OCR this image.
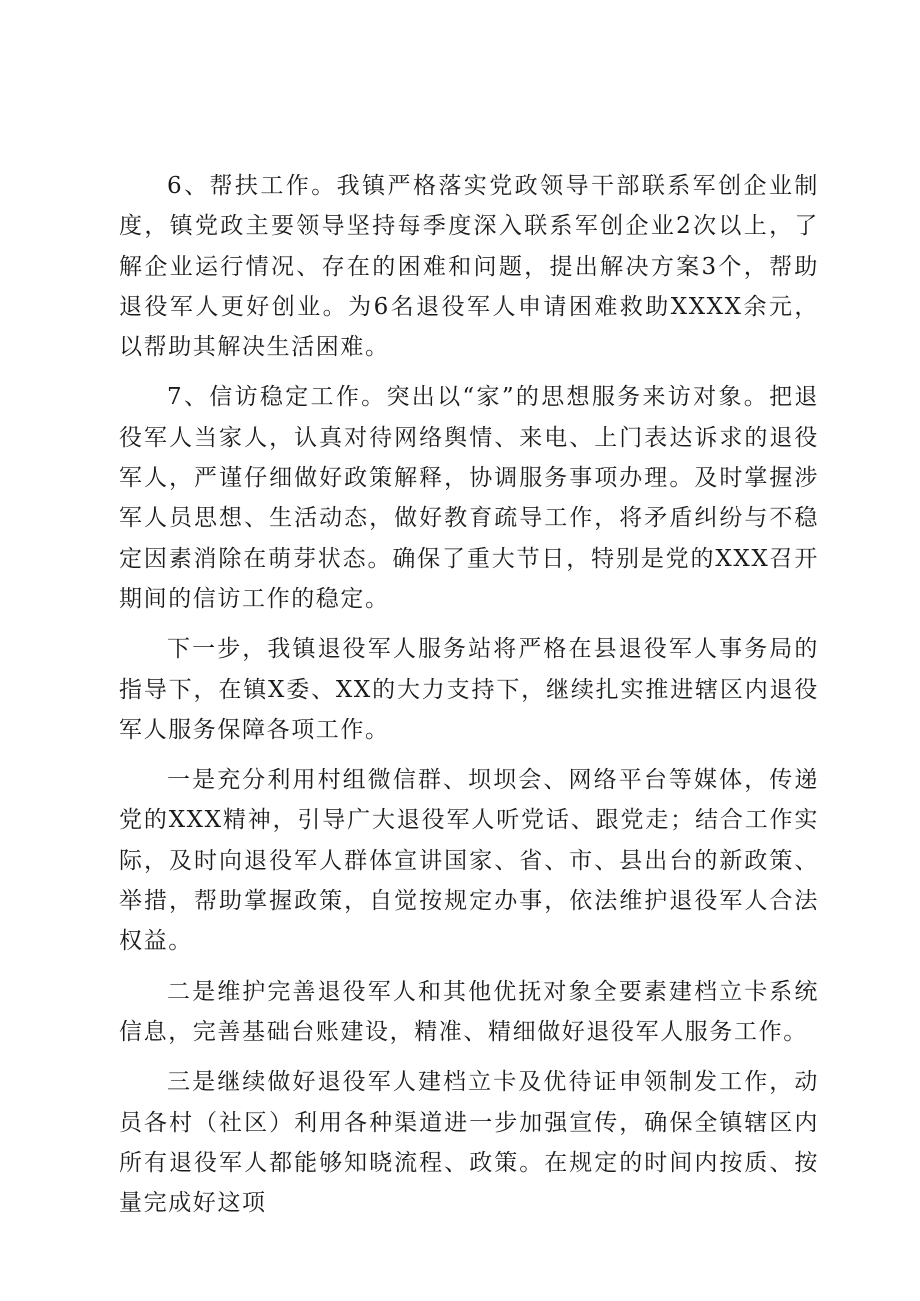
6、帮扶工作。我镇严格落实党政领导干部联系军创企业制度，镇党政主要领导坚持每季度深入联系军创企业2次以上，了解企业运行情况、存在的困难和问题，提出解决方案3个，帮助退役军人更好创业。为6名退役军人申请困难救助XXXX余元，以帮助其解决生活困难。

7、信访稳定工作。突出以“家”的思想服务来访对象。把退役军人当家人，认真对待网络舆情、来电、上门表达诉求的退役军人，严谨仔细做好政策解释，协调服务事项办理。及时掌握涉军人员思想、生活动态，做好教育疏导工作，将矛盾纠纷与不稳定因素消除在萌芽状态。确保了重大节日，特别是党的XXX召开期间的信访工作的稳定。

下一步，我镇退役军人服务站将严格在县退役军人事务局的指导下，在镇X委、XX的大力支持下，继续扎实推进辖区内退役军人服务保障各项工作。

一是充分利用村组微信群、坝坝会、网络平台等媒体，传递党的XXX精神，引导广大退役军人听党话、跟党走；结合工作实际，及时向退役军人群体宣讲国家、省、市、县出台的新政策、举措，帮助掌握政策，自觉按规定办事，依法维护退役军人合法权益。

二是维护完善退役军人和其他优抚对象全要素建档立卡系统信息，完善基础台账建设，精准、精细做好退役军人服务工作。

三是继续做好退役军人建档立卡及优待证申领制发工作，动员各村（社区）利用各种渠道进一步加强宣传，确保全镇辖区内所有退役军人都能够知晓流程、政策。在规定的时间内按质、按量完成好这项
